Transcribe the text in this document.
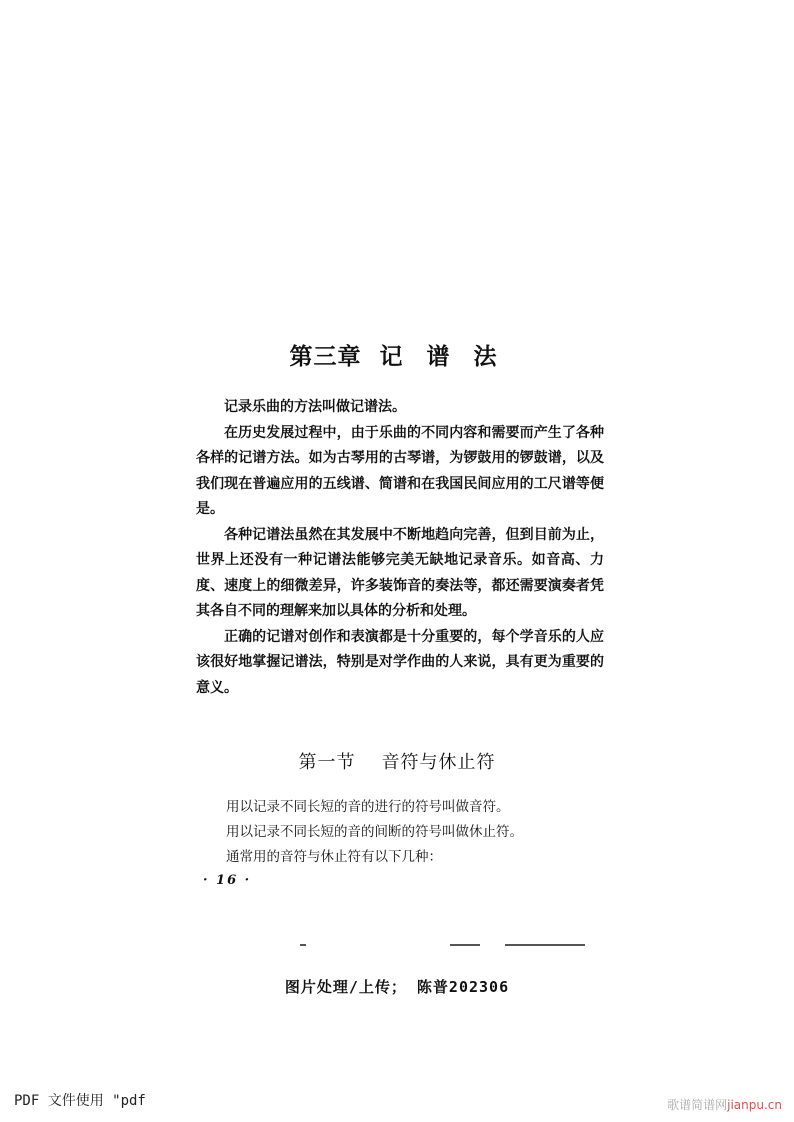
第三章 记 谱 法

记录乐曲的方法叫做记谱法。

在历史发展过程中，由于乐曲的不同内容和需要而产生了各种各样的记谱方法。如为古琴用的古琴谱，为锣鼓用的锣鼓谱，以及我们现在普遍应用的五线谱、简谱和在我国民间应用的工尺谱等便是。

各种记谱法虽然在其发展中不断地趋向完善，但到目前为止，世界上还没有一种记谱法能够完美无缺地记录音乐。如音高、力度、速度上的细微差异，许多装饰音的奏法等，都还需要演奏者凭其各自不同的理解来加以具体的分析和处理。

正确的记谱对创作和表演都是十分重要的，每个学音乐的人应该很好地掌握记谱法，特别是对学作曲的人来说，具有更为重要的意义。

第一节 音符与休止符

用以记录不同长短的音的进行的符号叫做音符。

用以记录不同长短的音的间断的符号叫做休止符。

通常用的音符与休止符有以下几种：

· 16 ·
图片处理/上传； 陈普202306
PDF 文件使用 "pdf	歌谱简谱网jianpu.cn
